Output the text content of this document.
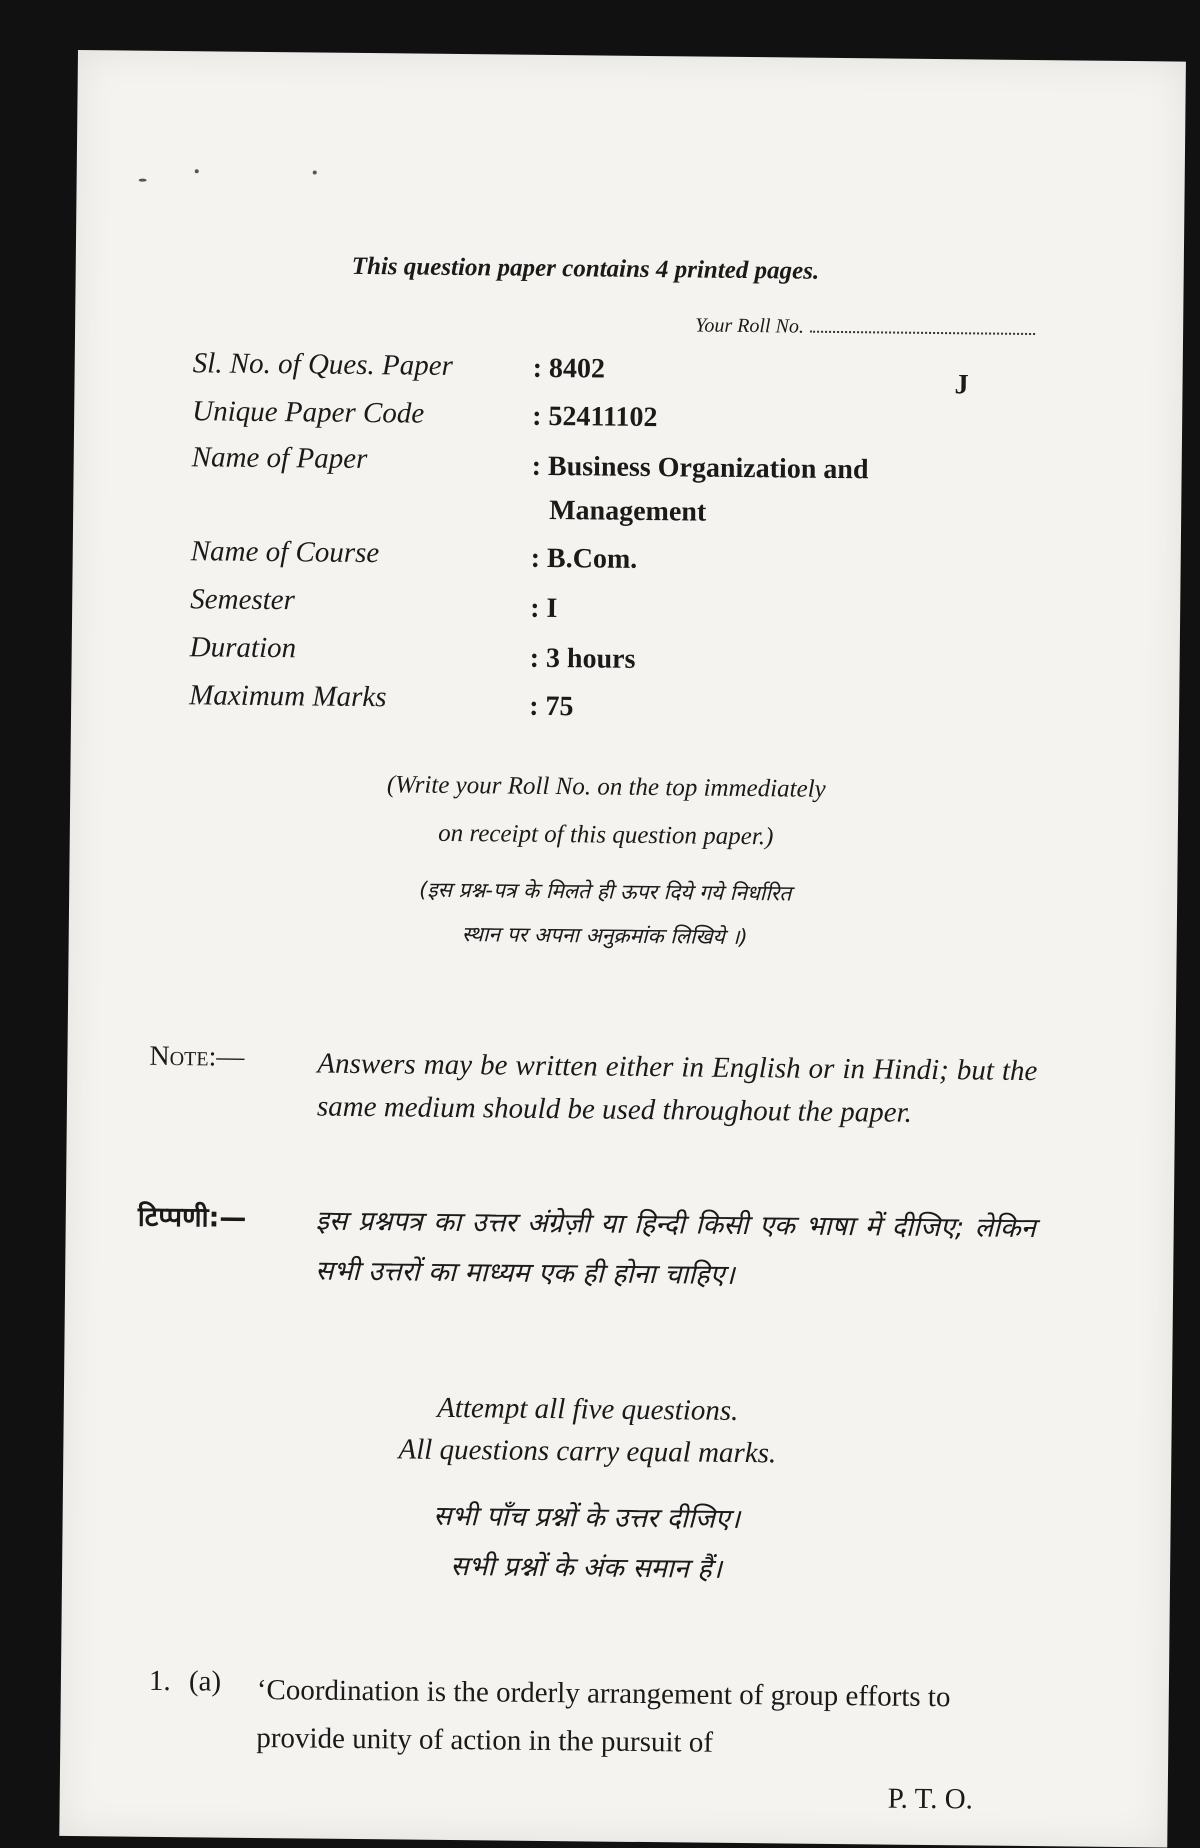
This question paper contains 4 printed pages.
Your Roll No.
J
Sl. No. of Ques. Paper	: 8402
Unique Paper Code	: 52411102
Name of Paper	: Business Organization and
Management
Name of Course	: B.Com.
Semester	: I
Duration	: 3 hours
Maximum Marks	: 75
(Write your Roll No. on the top immediately
on receipt of this question paper.)
(इस प्रश्न-पत्र के मिलते ही ऊपर दिये गये निर्धारित
स्थान पर अपना अनुक्रमांक लिखिये ।)
Note:—	Answers may be written either in English or in Hindi; but the same medium should be used throughout the paper.
टिप्पणी:—	इस प्रश्नपत्र का उत्तर अंग्रेज़ी या हिन्दी किसी एक भाषा में दीजिए; लेकिन सभी उत्तरों का माध्यम एक ही होना चाहिए।
Attempt all five questions.
All questions carry equal marks.
सभी पाँच प्रश्नों के उत्तर दीजिए।
सभी प्रश्नों के अंक समान हैं।
1. (a) ‘Coordination is the orderly arrangement of group efforts to provide unity of action in the pursuit of
P. T. O.
